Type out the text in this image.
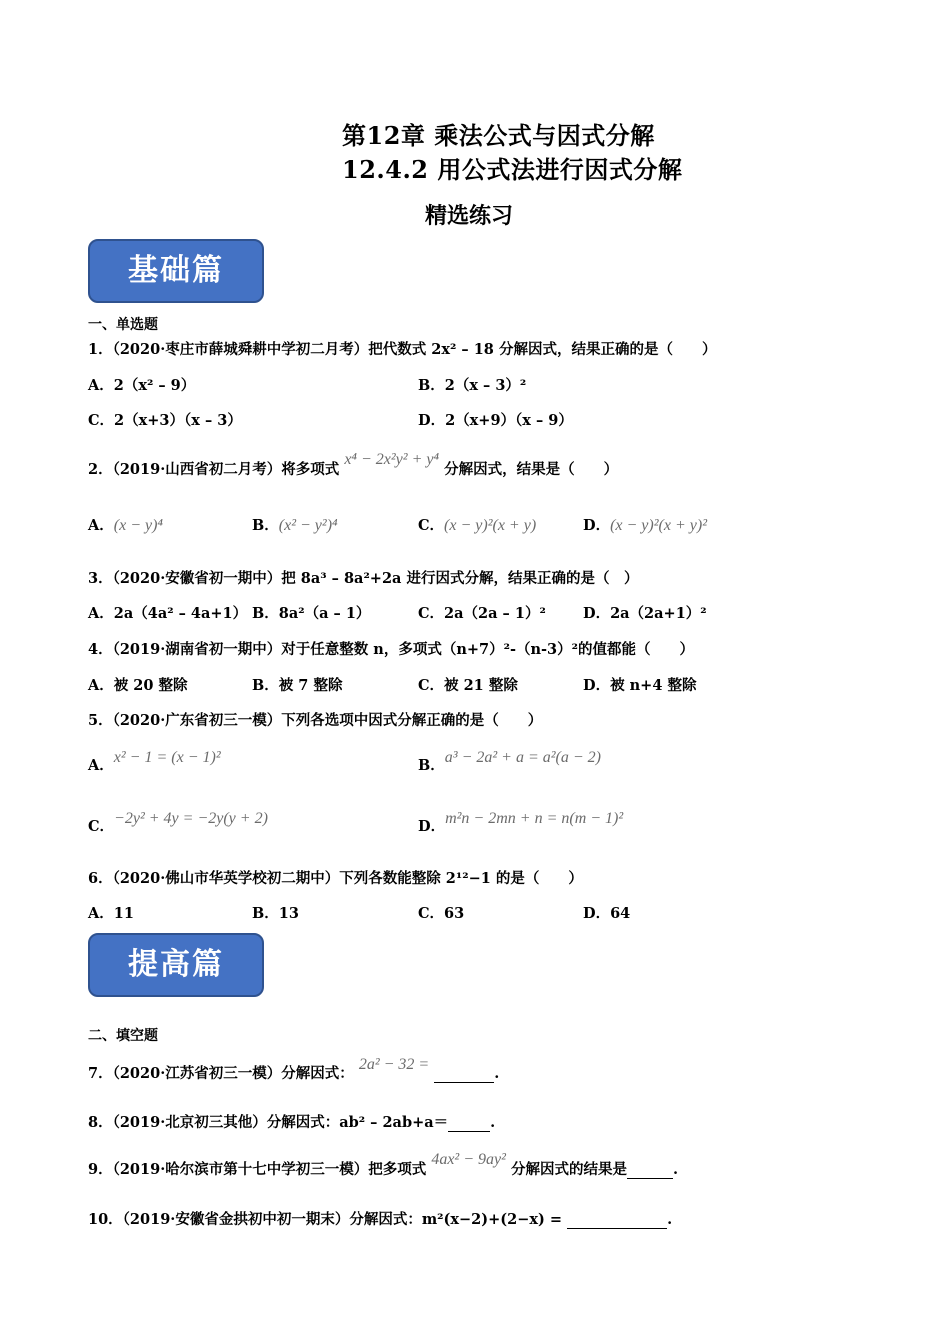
第12章 乘法公式与因式分解
12.4.2 用公式法进行因式分解
精选练习
基础篇
一、单选题
1．（2020·枣庄市薛城舜耕中学初二月考）把代数式 2x² – 18 分解因式，结果正确的是（　　）
A．2（x² – 9）	B．2（x – 3）²
C．2（x+3）（x – 3）	D．2（x+9）（x – 9）
2．（2019·山西省初二月考）将多项式 x⁴ − 2x²y² + y⁴ 分解因式，结果是（　　）
A．(x − y)⁴	B．(x² − y²)⁴	C．(x − y)²(x + y)	D．(x − y)²(x + y)²
3．（2020·安徽省初一期中）把 8a³ – 8a²+2a 进行因式分解，结果正确的是（　）
A．2a（4a² – 4a+1） B．8a²（a – 1）	C．2a（2a – 1）²	D．2a（2a+1）²
4．（2019·湖南省初一期中）对于任意整数 n，多项式（n+7）²-（n-3）²的值都能（　　）
A．被 20 整除	B．被 7 整除	C．被 21 整除	D．被 n+4 整除
5．（2020·广东省初三一模）下列各选项中因式分解正确的是（　　）
A．x² − 1 = (x − 1)²	B．a³ − 2a² + a = a²(a − 2)
C．−2y² + 4y = −2y(y + 2)	D．m²n − 2mn + n = n(m − 1)²
6．（2020·佛山市华英学校初二期中）下列各数能整除 2¹²−1 的是（　　）
A．11	B．13	C．63	D．64
提高篇
二、填空题
7．（2020·江苏省初三一模）分解因式： 2a² − 32 = .
8．（2019·北京初三其他）分解因式：ab² – 2ab+a＝	.
9．（2019·哈尔滨市第十七中学初三一模）把多项式 4ax² − 9ay² 分解因式的结果是	.
10．（2019·安徽省金拱初中初一期末）分解因式：m²(x−2)+(2−x) =	.
